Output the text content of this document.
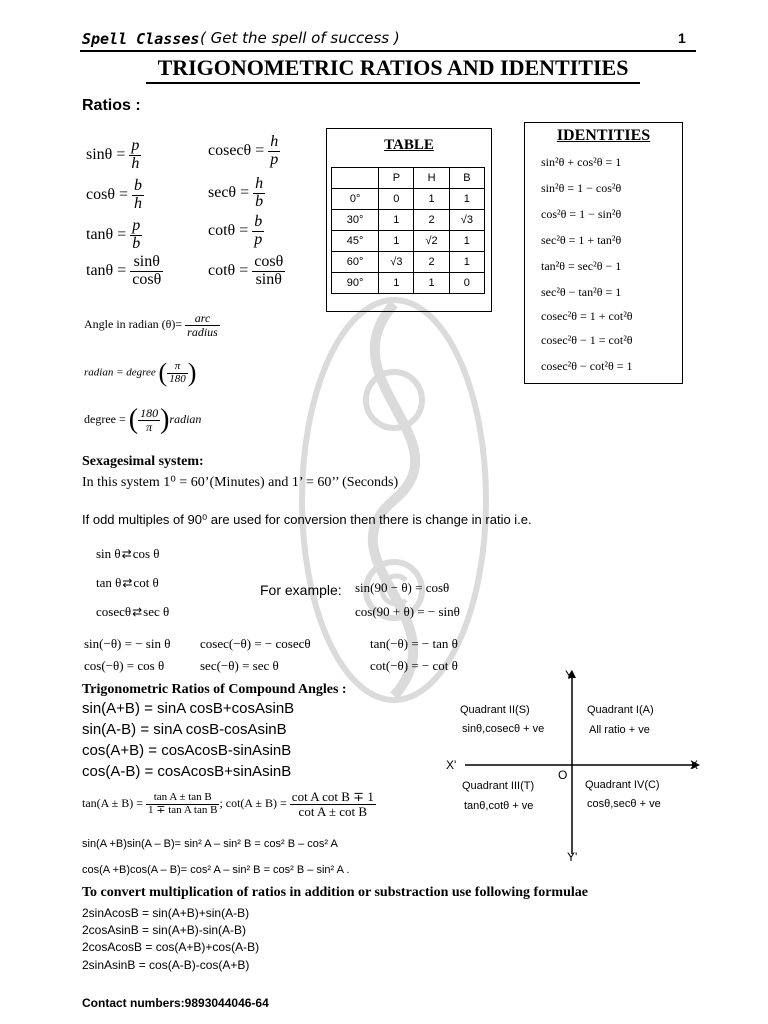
Spell Classes ( Get the spell of success )	1
TRIGONOMETRIC RATIOS AND IDENTITIES
Ratios :
$\sin\theta = \frac{p}{h}$	$cosec\theta = \frac{h}{p}$
$\cos\theta = \frac{b}{h}$	$\sec\theta = \frac{h}{b}$
$\tan\theta = \frac{p}{b}$	$\cot\theta = \frac{b}{p}$
$\tan\theta = \frac{\sin\theta}{\cos\theta}$	$\cot\theta = \frac{\cos\theta}{\sin\theta}$
TABLE
	P	H	B
0°	0	1	1
30°	1	2	√3
45°	1	√2	1
60°	√3	2	1
90°	1	1	0
IDENTITIES
sin²θ + cos²θ = 1
sin²θ = 1 − cos²θ
cos²θ = 1 − sin²θ
sec²θ = 1 + tan²θ
tan²θ = sec²θ − 1
sec²θ − tan²θ = 1
cosec²θ = 1 + cot²θ
cosec²θ − 1 = cot²θ
cosec²θ − cot²θ = 1
Angle in radian $(\theta)= \frac{\text{arc}}{\text{radius}}$
radian = degree ( $\frac{\pi}{180}$ )
degree = ( $\frac{180}{\pi}$ )radian
Sexagesimal system:
In this system 1⁰ = 60’(Minutes) and 1’ = 60’’ (Seconds)
If odd multiples of 90⁰ are used for conversion then there is change in ratio i.e.
sin θ⇄cos θ
tan θ⇄cot θ
cosecθ⇄sec θ
For example: sin(90 − θ) = cosθ
cos(90 + θ) = − sinθ
sin(−θ) = − sin θ cosec(−θ) = − cosecθ	tan(−θ) = − tan θ
cos(−θ) = cos θ	sec(−θ) = sec θ	cot(−θ) = − cot θ
Trigonometric Ratios of Compound Angles :
sin(A+B) = sinA cosB+cosAsinB
sin(A-B) = sinA cosB-cosAsinB
cos(A+B) = cosAcosB-sinAsinB
cos(A-B) = cosAcosB+sinAsinB
$\tan(A \pm B) = \frac{\text{tan A ± tan B}}{\text{1 ∓ tan A tan B}}$ ; $\cot(A \pm B) = \frac{\text{cot A cot B ∓ 1}}{\text{cot A ± cot B}}$
sin(A +B)sin(A – B)= sin² A – sin² B = cos² B – cos² A
cos(A +B)cos(A – B)= cos² A – sin² B = cos² B – sin² A .
Y
Y'
X'	X
O
Quadrant II(S)
sinθ,cosecθ + ve
Quadrant I(A)
All ratio + ve
Quadrant III(T)
tanθ,cotθ + ve
Quadrant IV(C)
cosθ,secθ + ve
To convert multiplication of ratios in addition or substraction use following formulae
2sinAcosB = sin(A+B)+sin(A-B)
2cosAsinB = sin(A+B)-sin(A-B)
2cosAcosB = cos(A+B)+cos(A-B)
2sinAsinB = cos(A-B)-cos(A+B)
Contact numbers:9893044046-64
